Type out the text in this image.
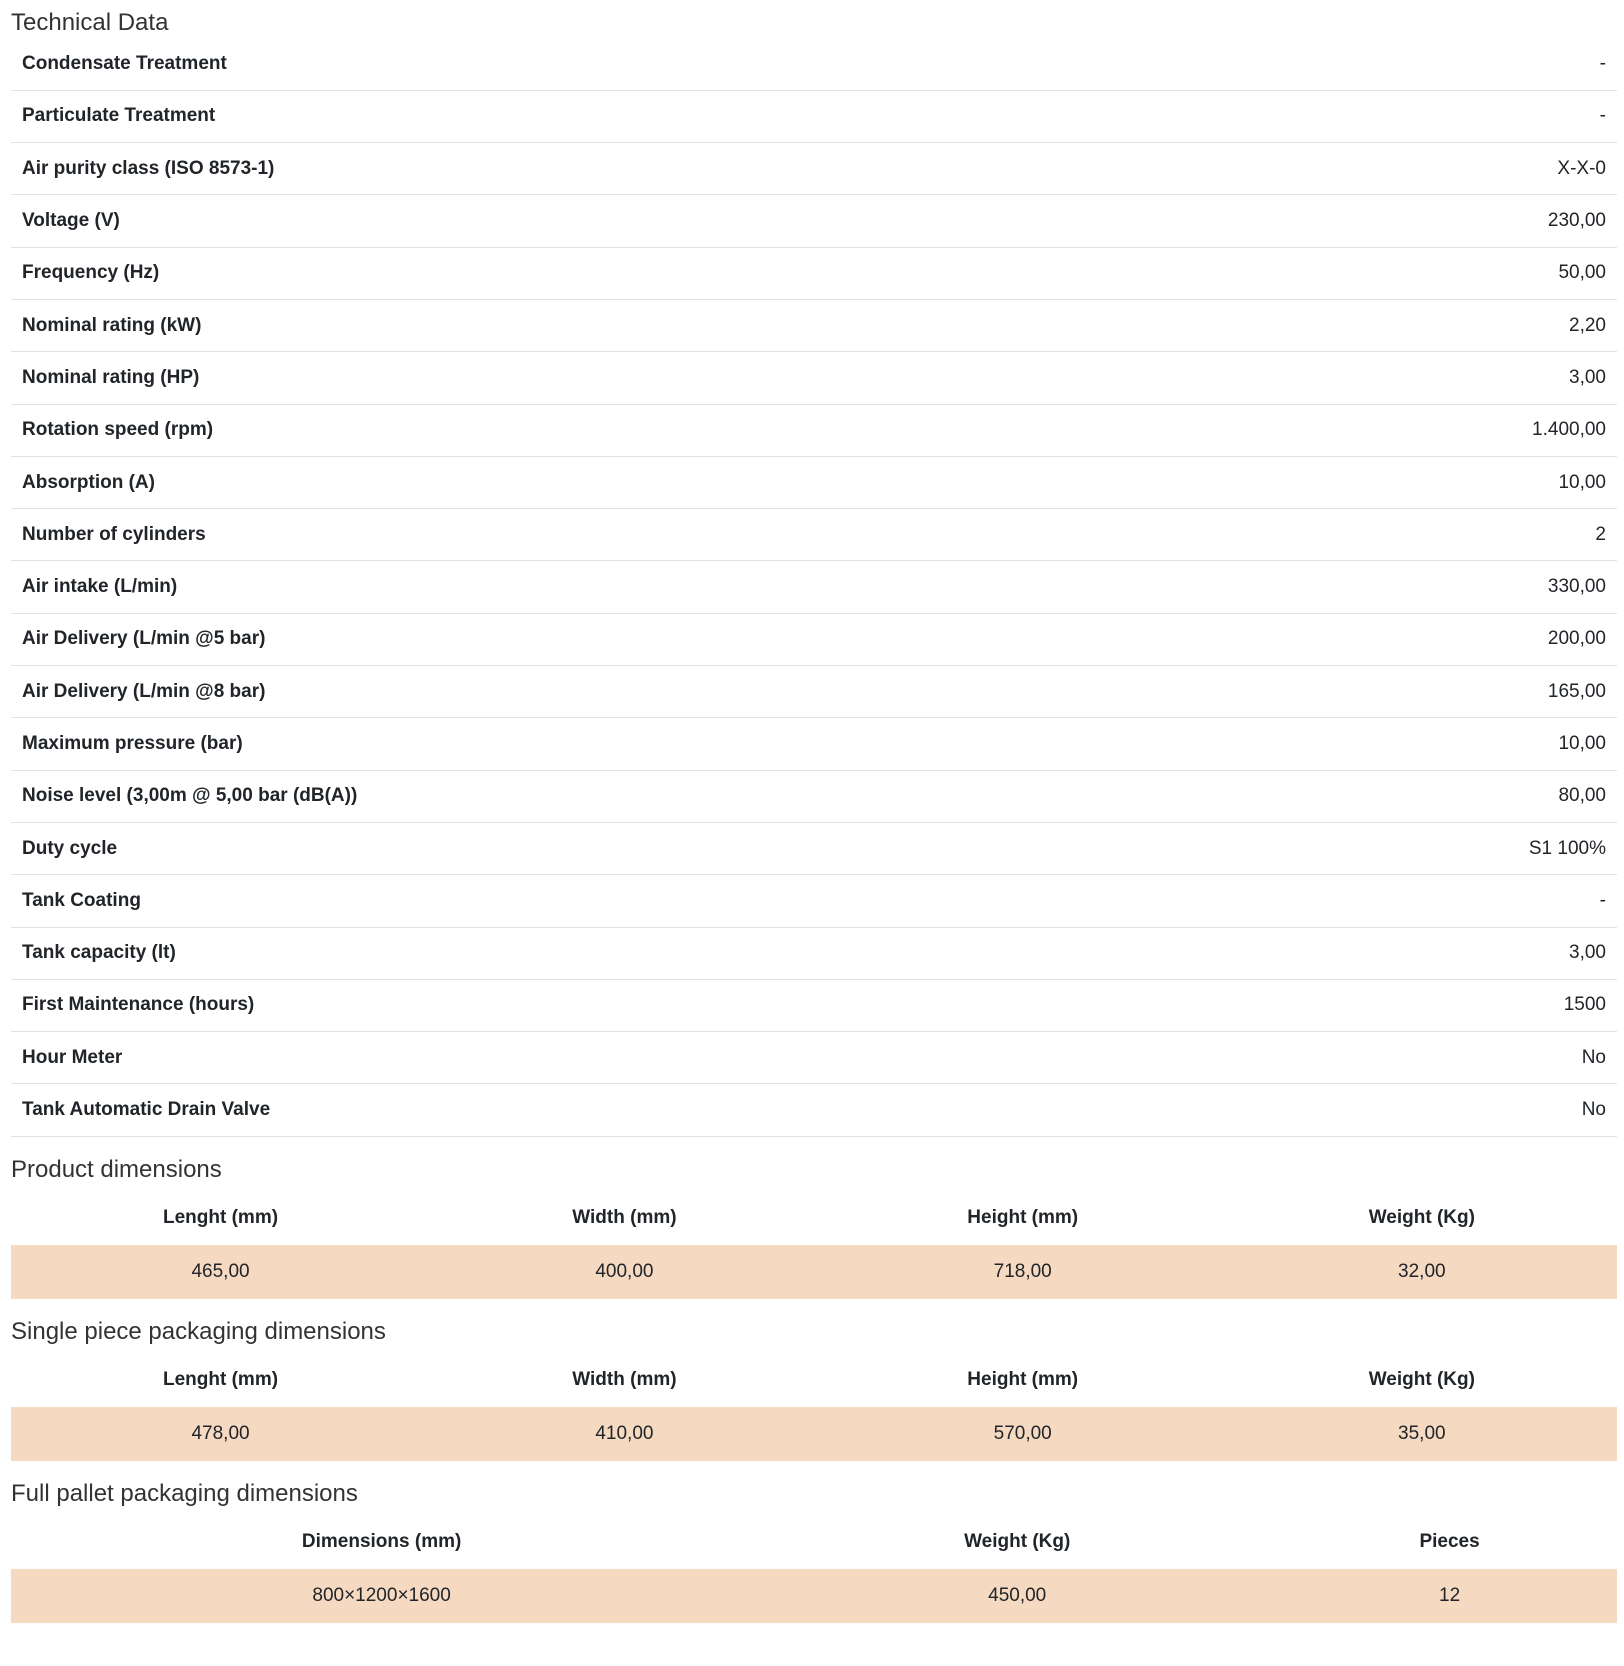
Technical Data
Condensate Treatment	-
Particulate Treatment	-
Air purity class (ISO 8573-1)	X-X-0
Voltage (V)	230,00
Frequency (Hz)	50,00
Nominal rating (kW)	2,20
Nominal rating (HP)	3,00
Rotation speed (rpm)	1.400,00
Absorption (A)	10,00
Number of cylinders	2
Air intake (L/min)	330,00
Air Delivery (L/min @5 bar)	200,00
Air Delivery (L/min @8 bar)	165,00
Maximum pressure (bar)	10,00
Noise level (3,00m @ 5,00 bar (dB(A))	80,00
Duty cycle	S1 100%
Tank Coating	-
Tank capacity (lt)	3,00
First Maintenance (hours)	1500
Hour Meter	No
Tank Automatic Drain Valve	No
Product dimensions
Lenght (mm)	Width (mm)	Height (mm)	Weight (Kg)
465,00	400,00	718,00	32,00
Single piece packaging dimensions
Lenght (mm)	Width (mm)	Height (mm)	Weight (Kg)
478,00	410,00	570,00	35,00
Full pallet packaging dimensions
Dimensions (mm)	Weight (Kg)	Pieces
800×1200×1600	450,00	12
